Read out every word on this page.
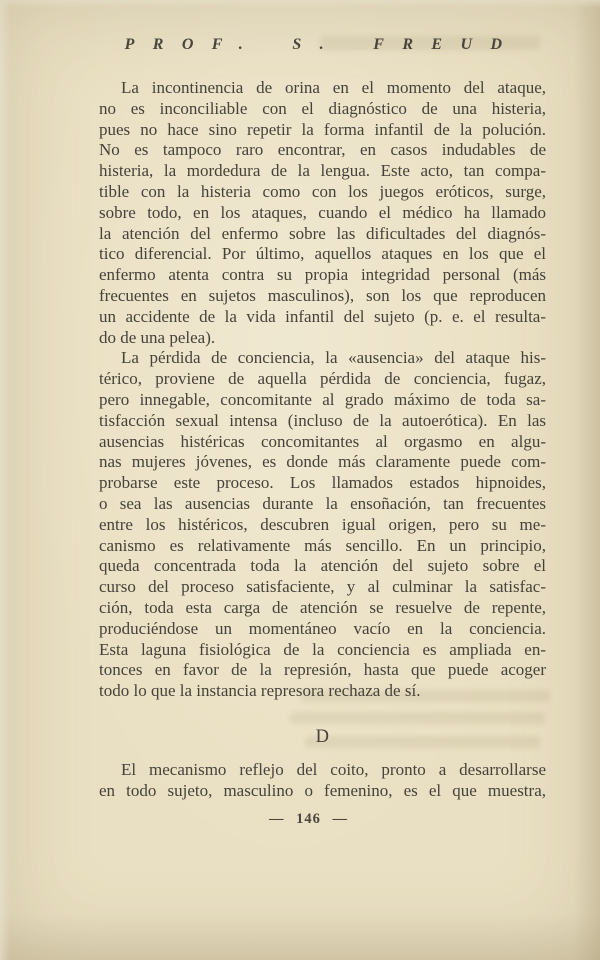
PROF. S. FREUD
La incontinencia de orina en el momento del ataque,
no es inconciliable con el diagnóstico de una histeria,
pues no hace sino repetir la forma infantil de la polución.
No es tampoco raro encontrar, en casos indudables de
histeria, la mordedura de la lengua. Este acto, tan compa-
tible con la histeria como con los juegos eróticos, surge,
sobre todo, en los ataques, cuando el médico ha llamado
la atención del enfermo sobre las dificultades del diagnós-
tico diferencial. Por último, aquellos ataques en los que el
enfermo atenta contra su propia integridad personal (más
frecuentes en sujetos masculinos), son los que reproducen
un accidente de la vida infantil del sujeto (p. e. el resulta-
do de una pelea).
La pérdida de conciencia, la «ausencia» del ataque his-
térico, proviene de aquella pérdida de conciencia, fugaz,
pero innegable, concomitante al grado máximo de toda sa-
tisfacción sexual intensa (incluso de la autoerótica). En las
ausencias histéricas concomitantes al orgasmo en algu-
nas mujeres jóvenes, es donde más claramente puede com-
probarse este proceso. Los llamados estados hipnoides,
o sea las ausencias durante la ensoñación, tan frecuentes
entre los histéricos, descubren igual origen, pero su me-
canismo es relativamente más sencillo. En un principio,
queda concentrada toda la atención del sujeto sobre el
curso del proceso satisfaciente, y al culminar la satisfac-
ción, toda esta carga de atención se resuelve de repente,
produciéndose un momentáneo vacío en la conciencia.
Esta laguna fisiológica de la conciencia es ampliada en-
tonces en favor de la represión, hasta que puede acoger
todo lo que la instancia represora rechaza de sí.
D
El mecanismo reflejo del coito, pronto a desarrollarse
en todo sujeto, masculino o femenino, es el que muestra,
— 146 —
